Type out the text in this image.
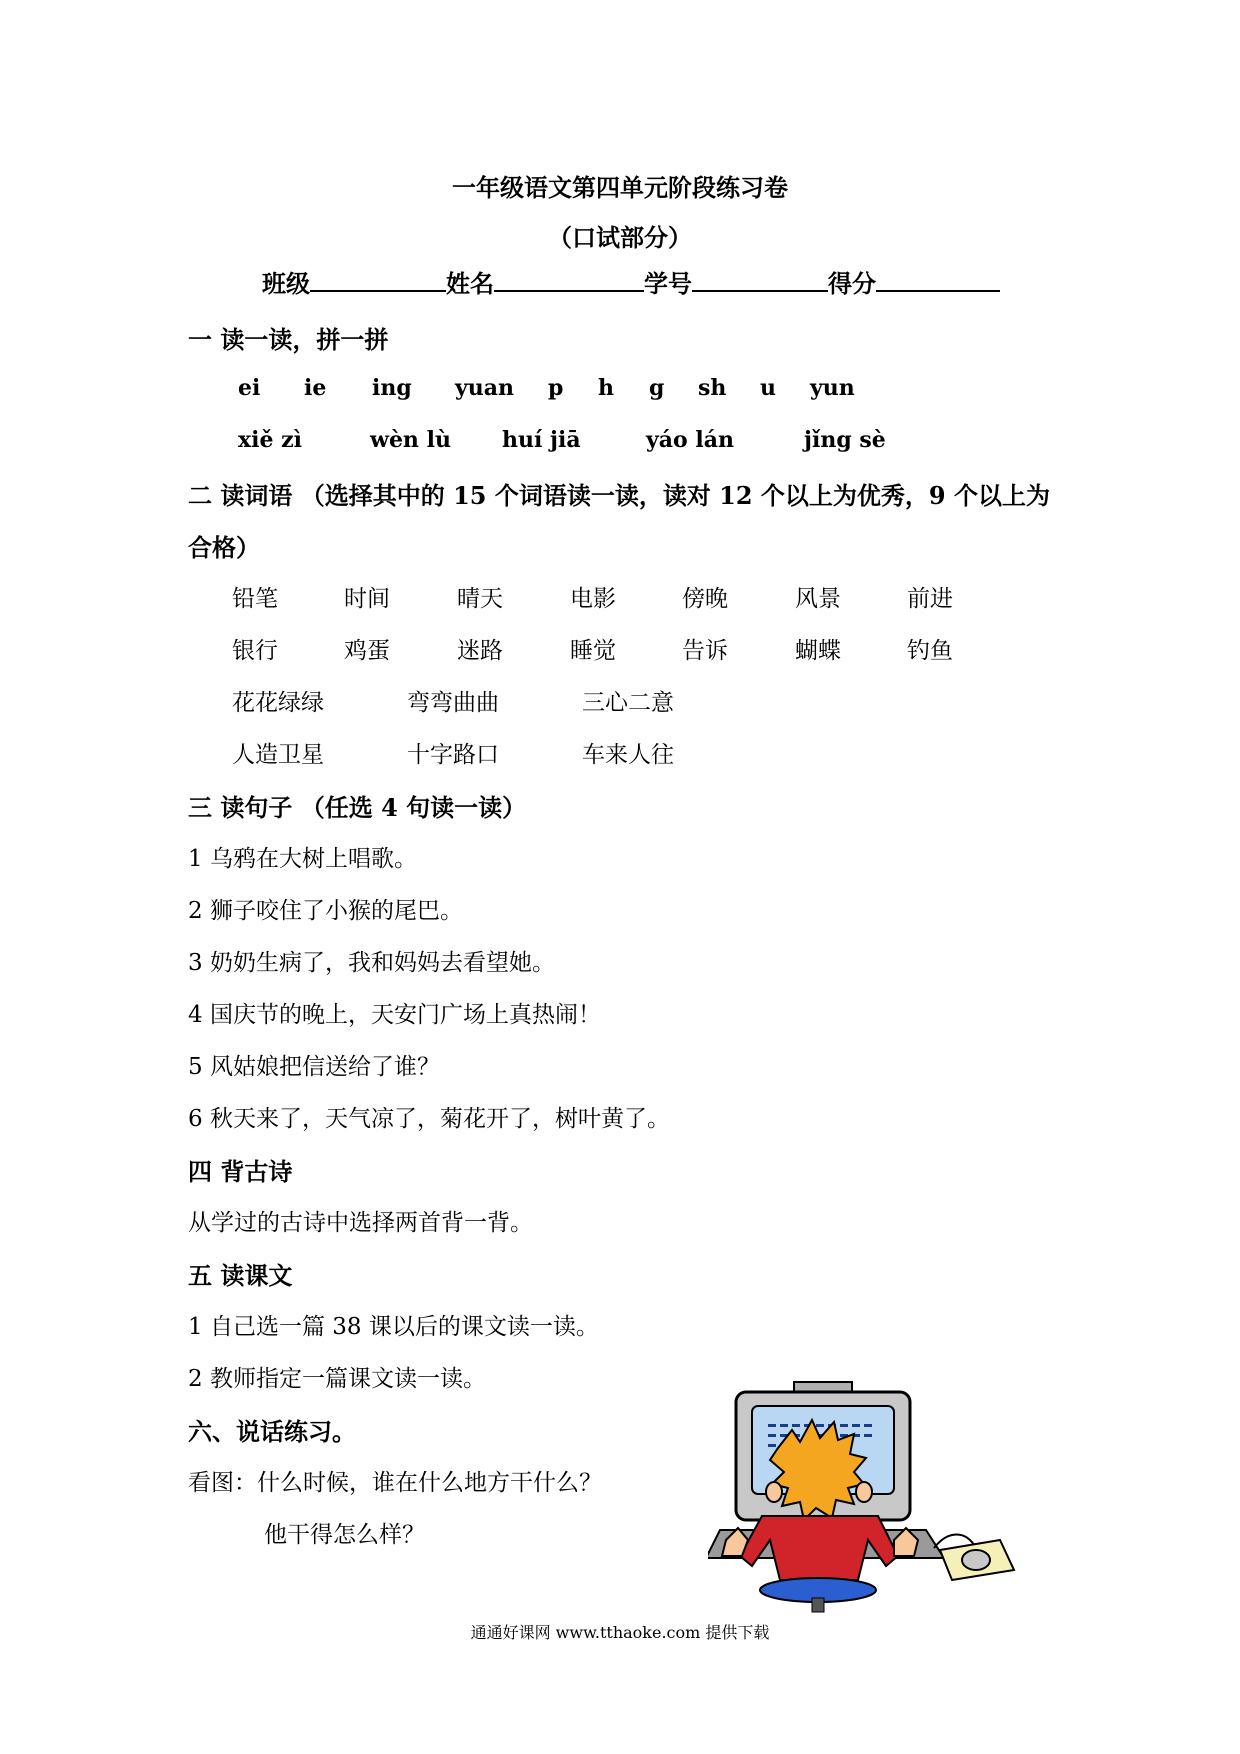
一年级语文第四单元阶段练习卷
（口试部分）
班级	姓名	学号	得分
一 读一读，拼一拼
ei ie ing yuan p h g sh u yun
xiě zì	wèn lù huí jiā	yáo lán	jǐng sè
二 读词语 （选择其中的 15 个词语读一读，读对 12 个以上为优秀，9 个以上为
合格）
铅笔	时间	晴天	电影	傍晚	风景	前进
银行	鸡蛋	迷路	睡觉	告诉	蝴蝶	钓鱼
花花绿绿	弯弯曲曲	三心二意
人造卫星	十字路口	车来人往
三 读句子 （任选 4 句读一读）
1 乌鸦在大树上唱歌。
2 狮子咬住了小猴的尾巴。
3 奶奶生病了，我和妈妈去看望她。
4 国庆节的晚上，天安门广场上真热闹！
5 风姑娘把信送给了谁？
6 秋天来了，天气凉了，菊花开了，树叶黄了。
四 背古诗
从学过的古诗中选择两首背一背。
五 读课文
1 自己选一篇 38 课以后的课文读一读。
2 教师指定一篇课文读一读。
六、说话练习。
看图：什么时候，谁在什么地方干什么？
他干得怎么样？
通通好课网 www.tthaoke.com 提供下载
